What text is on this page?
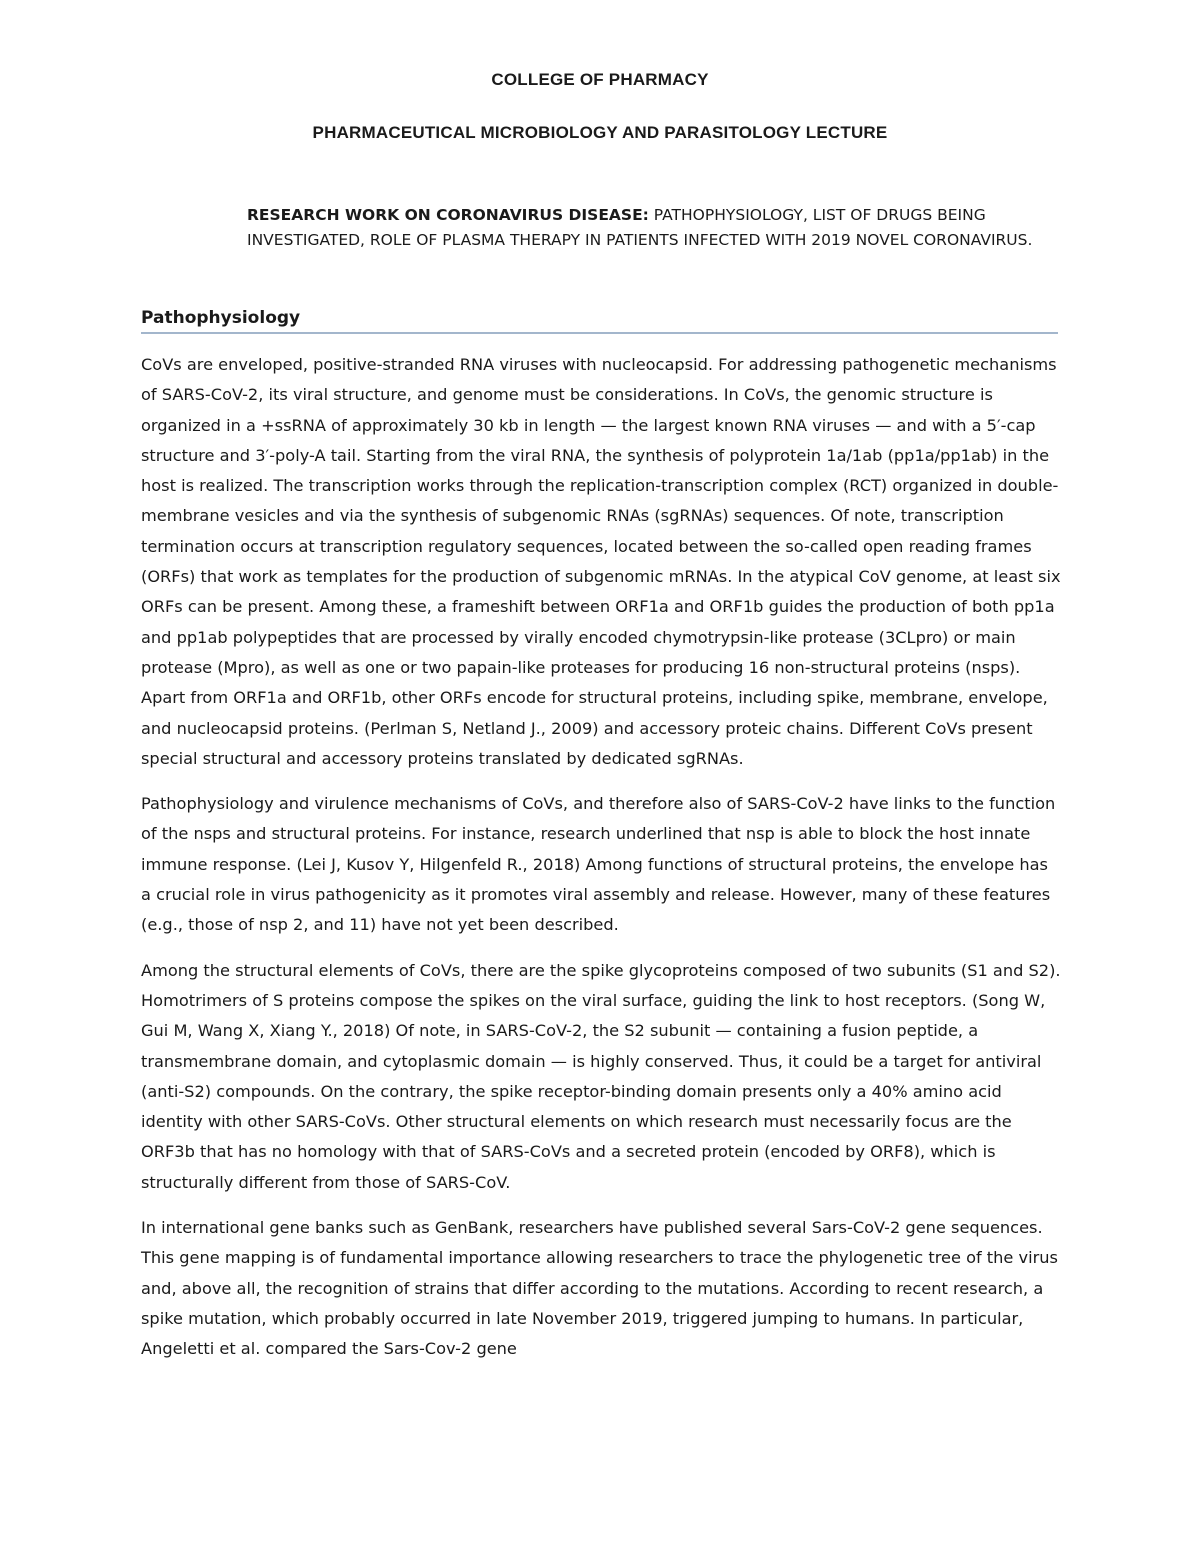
COLLEGE OF PHARMACY
PHARMACEUTICAL MICROBIOLOGY AND PARASITOLOGY LECTURE
RESEARCH WORK ON CORONAVIRUS DISEASE: PATHOPHYSIOLOGY, LIST OF DRUGS BEING INVESTIGATED, ROLE OF PLASMA THERAPY IN PATIENTS INFECTED WITH 2019 NOVEL CORONAVIRUS.
Pathophysiology

CoVs are enveloped, positive-stranded RNA viruses with nucleocapsid. For addressing pathogenetic mechanisms of SARS-CoV-2, its viral structure, and genome must be considerations. In CoVs, the genomic structure is organized in a +ssRNA of approximately 30 kb in length — the largest known RNA viruses — and with a 5′-cap structure and 3′-poly-A tail. Starting from the viral RNA, the synthesis of polyprotein 1a/1ab (pp1a/pp1ab) in the host is realized. The transcription works through the replication-transcription complex (RCT) organized in double-membrane vesicles and via the synthesis of subgenomic RNAs (sgRNAs) sequences. Of note, transcription termination occurs at transcription regulatory sequences, located between the so-called open reading frames (ORFs) that work as templates for the production of subgenomic mRNAs. In the atypical CoV genome, at least six ORFs can be present. Among these, a frameshift between ORF1a and ORF1b guides the production of both pp1a and pp1ab polypeptides that are processed by virally encoded chymotrypsin-like protease (3CLpro) or main protease (Mpro), as well as one or two papain-like proteases for producing 16 non-structural proteins (nsps). Apart from ORF1a and ORF1b, other ORFs encode for structural proteins, including spike, membrane, envelope, and nucleocapsid proteins. (Perlman S, Netland J., 2009) and accessory proteic chains. Different CoVs present special structural and accessory proteins translated by dedicated sgRNAs.

Pathophysiology and virulence mechanisms of CoVs, and therefore also of SARS-CoV-2 have links to the function of the nsps and structural proteins. For instance, research underlined that nsp is able to block the host innate immune response. (Lei J, Kusov Y, Hilgenfeld R., 2018) Among functions of structural proteins, the envelope has a crucial role in virus pathogenicity as it promotes viral assembly and release. However, many of these features (e.g., those of nsp 2, and 11) have not yet been described.

Among the structural elements of CoVs, there are the spike glycoproteins composed of two subunits (S1 and S2). Homotrimers of S proteins compose the spikes on the viral surface, guiding the link to host receptors. (Song W, Gui M, Wang X, Xiang Y., 2018) Of note, in SARS-CoV-2, the S2 subunit — containing a fusion peptide, a transmembrane domain, and cytoplasmic domain — is highly conserved. Thus, it could be a target for antiviral (anti-S2) compounds. On the contrary, the spike receptor-binding domain presents only a 40% amino acid identity with other SARS-CoVs. Other structural elements on which research must necessarily focus are the ORF3b that has no homology with that of SARS-CoVs and a secreted protein (encoded by ORF8), which is structurally different from those of SARS-CoV.

In international gene banks such as GenBank, researchers have published several Sars-CoV-2 gene sequences. This gene mapping is of fundamental importance allowing researchers to trace the phylogenetic tree of the virus and, above all, the recognition of strains that differ according to the mutations. According to recent research, a spike mutation, which probably occurred in late November 2019, triggered jumping to humans. In particular, Angeletti et al. compared the Sars-Cov-2 gene
